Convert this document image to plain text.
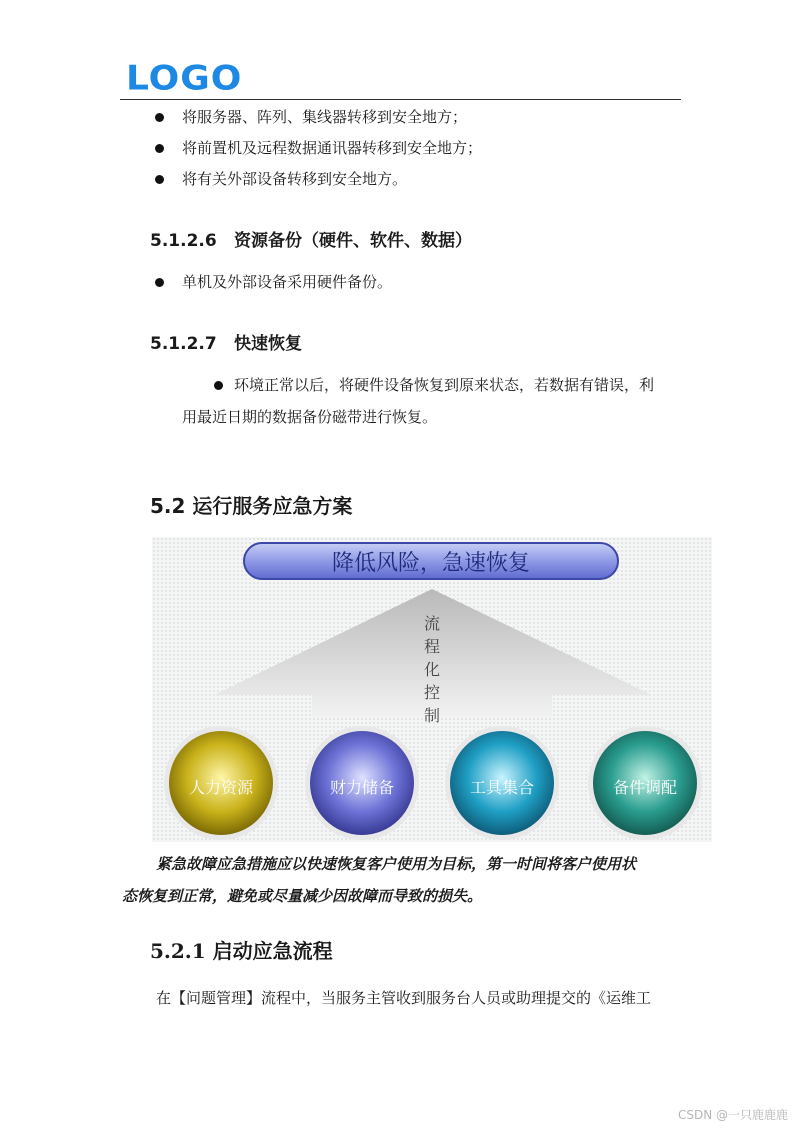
LOGO
将服务器、阵列、集线器转移到安全地方；
将前置机及远程数据通讯器转移到安全地方；
将有关外部设备转移到安全地方。
5.1.2.6 资源备份（硬件、软件、数据）
单机及外部设备采用硬件备份。
5.1.2.7 快速恢复
环境正常以后，将硬件设备恢复到原来状态，若数据有错误，利
用最近日期的数据备份磁带进行恢复。
5.2 运行服务应急方案
降低风险，急速恢复
流
程
化
控
制
人力资源	财力储备	工具集合	备件调配
紧急故障应急措施应以快速恢复客户使用为目标，第一时间将客户使用状
态恢复到正常，避免或尽量减少因故障而导致的损失。
5.2.1 启动应急流程
在【问题管理】流程中，当服务主管收到服务台人员或助理提交的《运维工
CSDN @一只鹿鹿鹿
